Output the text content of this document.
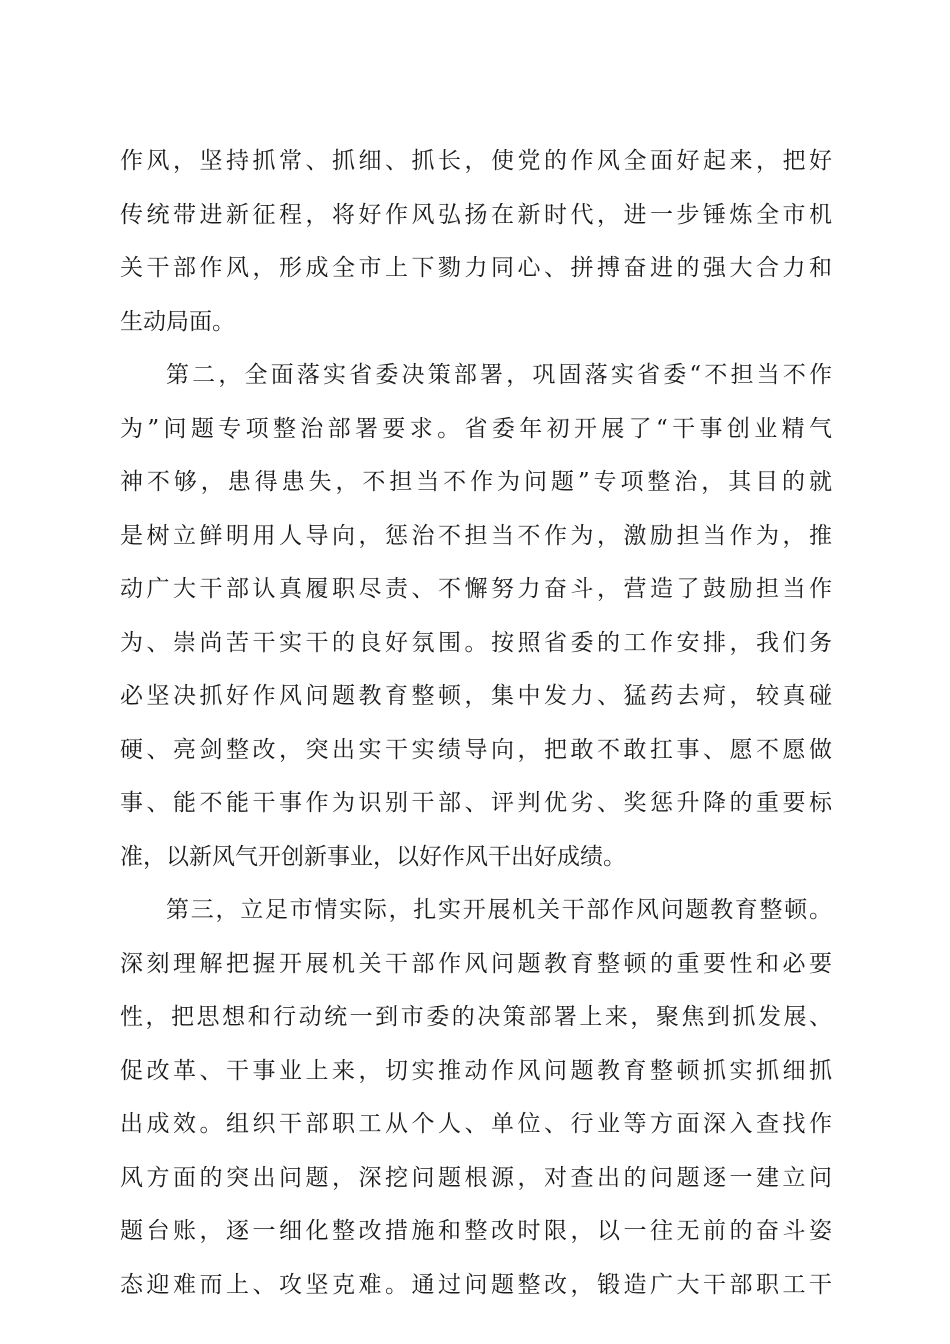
作风，坚持抓常、抓细、抓长，使党的作风全面好起来，把好
传统带进新征程，将好作风弘扬在新时代，进一步锤炼全市机
关干部作风，形成全市上下勠力同心、拼搏奋进的强大合力和
生动局面。
第二，全面落实省委决策部署，巩固落实省委“不担当不作
为”问题专项整治部署要求。省委年初开展了“干事创业精气
神不够，患得患失，不担当不作为问题”专项整治，其目的就
是树立鲜明用人导向，惩治不担当不作为，激励担当作为，推
动广大干部认真履职尽责、不懈努力奋斗，营造了鼓励担当作
为、崇尚苦干实干的良好氛围。按照省委的工作安排，我们务
必坚决抓好作风问题教育整顿，集中发力、猛药去疴，较真碰
硬、亮剑整改，突出实干实绩导向，把敢不敢扛事、愿不愿做
事、能不能干事作为识别干部、评判优劣、奖惩升降的重要标
准，以新风气开创新事业，以好作风干出好成绩。
第三，立足市情实际，扎实开展机关干部作风问题教育整顿。
深刻理解把握开展机关干部作风问题教育整顿的重要性和必要
性，把思想和行动统一到市委的决策部署上来，聚焦到抓发展、
促改革、干事业上来，切实推动作风问题教育整顿抓实抓细抓
出成效。组织干部职工从个人、单位、行业等方面深入查找作
风方面的突出问题，深挖问题根源，对查出的问题逐一建立问
题台账，逐一细化整改措施和整改时限，以一往无前的奋斗姿
态迎难而上、攻坚克难。通过问题整改，锻造广大干部职工干
